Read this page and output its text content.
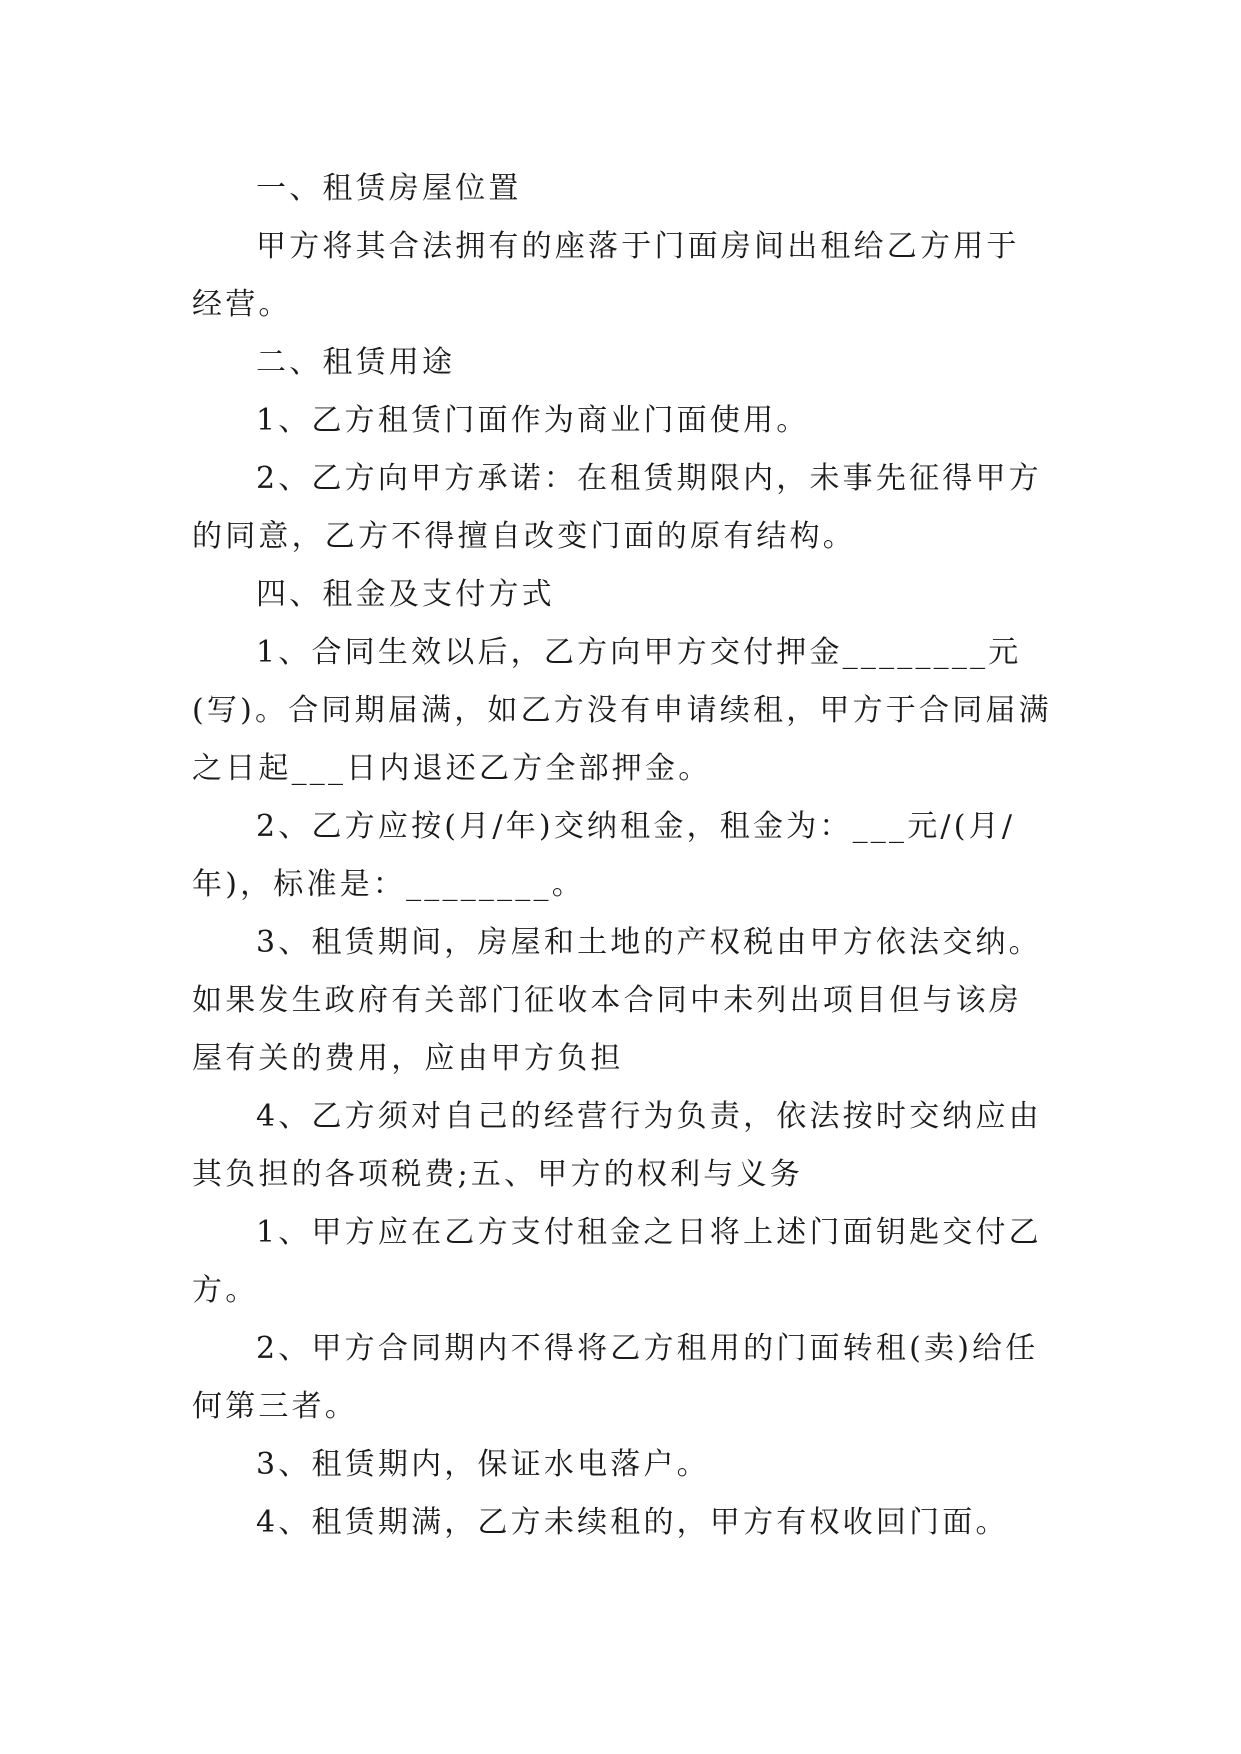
一、租赁房屋位置

甲方将其合法拥有的座落于门面房间出租给乙方用于经营。

二、租赁用途

1、乙方租赁门面作为商业门面使用。

2、乙方向甲方承诺：在租赁期限内，未事先征得甲方的同意，乙方不得擅自改变门面的原有结构。

四、租金及支付方式

1、合同生效以后，乙方向甲方交付押金________元(写)。合同期届满，如乙方没有申请续租，甲方于合同届满之日起___日内退还乙方全部押金。

2、乙方应按(月/年)交纳租金，租金为：___元/(月/年)，标准是：________。

3、租赁期间，房屋和土地的产权税由甲方依法交纳。如果发生政府有关部门征收本合同中未列出项目但与该房屋有关的费用，应由甲方负担

4、乙方须对自己的经营行为负责，依法按时交纳应由其负担的各项税费;五、甲方的权利与义务

1、甲方应在乙方支付租金之日将上述门面钥匙交付乙方。

2、甲方合同期内不得将乙方租用的门面转租(卖)给任何第三者。

3、租赁期内，保证水电落户。

4、租赁期满，乙方未续租的，甲方有权收回门面。
